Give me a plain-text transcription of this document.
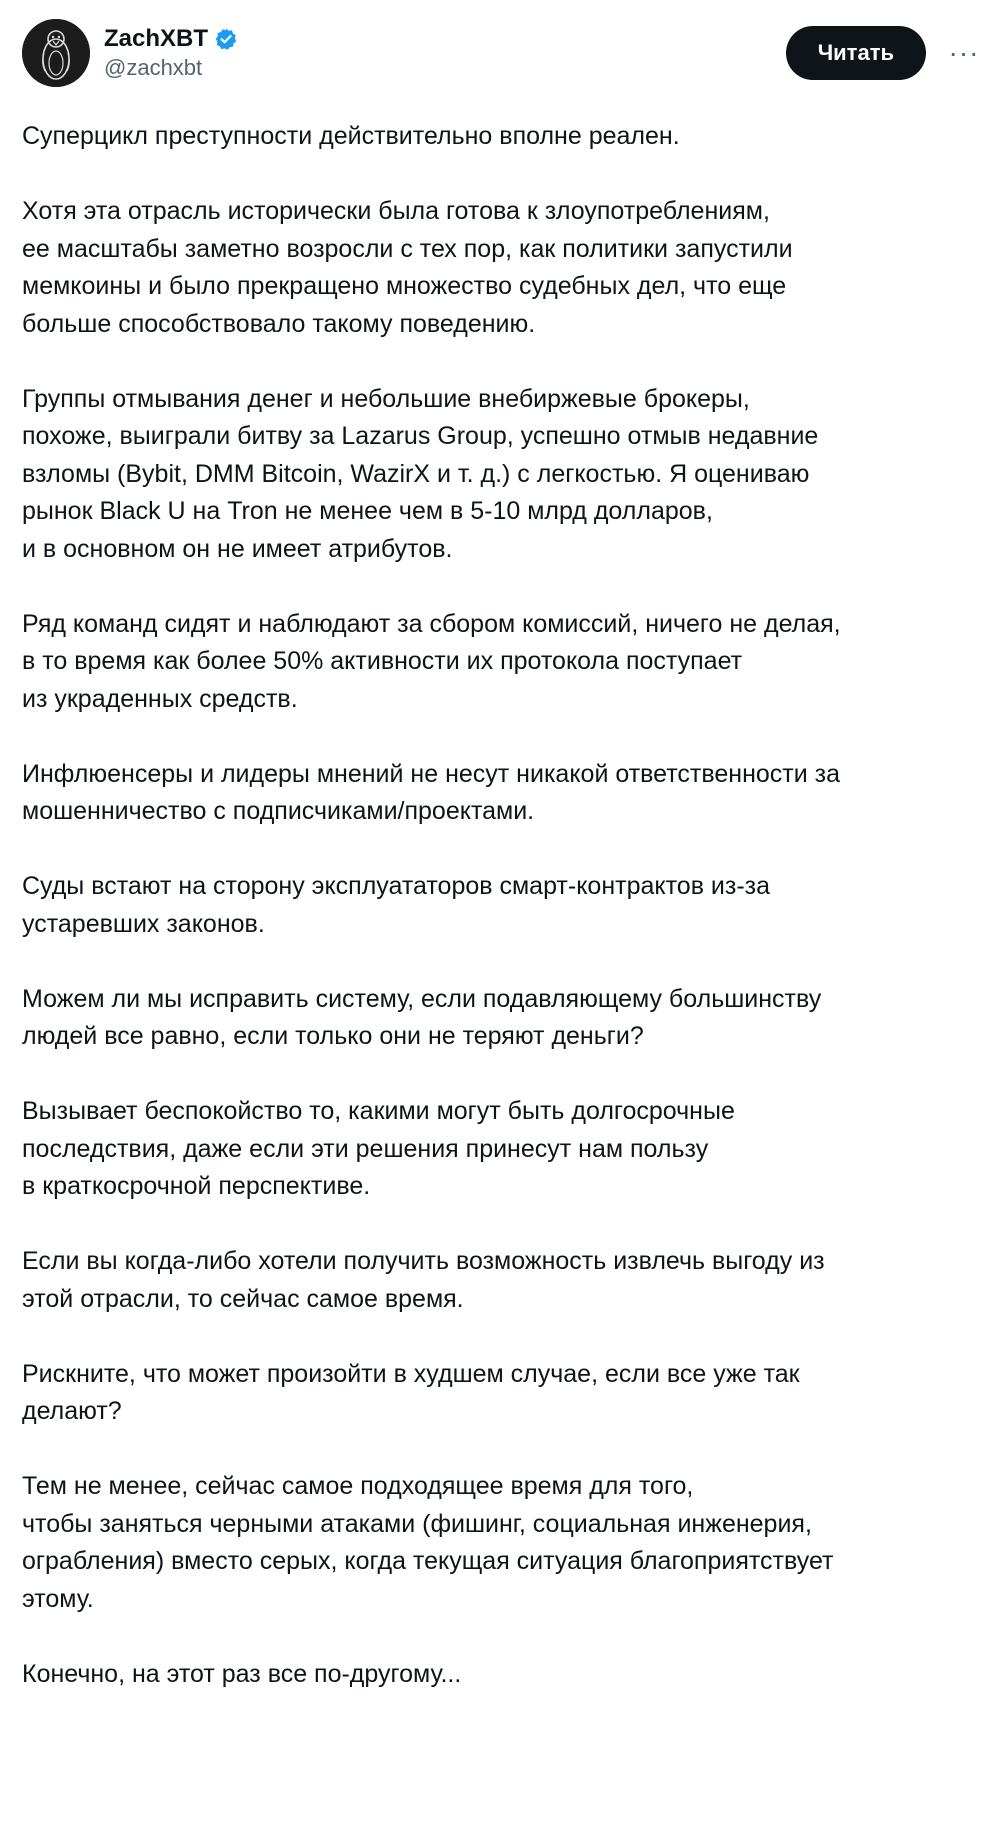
ZachXBT
@zachxbt
Читать	···

Суперцикл преступности действительно вполне реален.

Хотя эта отрасль исторически была готова к злоупотреблениям,
ее масштабы заметно возросли с тех пор, как политики запустили
мемкоины и было прекращено множество судебных дел, что еще
больше способствовало такому поведению.

Группы отмывания денег и небольшие внебиржевые брокеры,
похоже, выиграли битву за Lazarus Group, успешно отмыв недавние
взломы (Bybit, DMM Bitcoin, WazirX и т. д.) с легкостью. Я оцениваю
рынок Black U на Tron не менее чем в 5-10 млрд долларов,
и в основном он не имеет атрибутов.

Ряд команд сидят и наблюдают за сбором комиссий, ничего не делая,
в то время как более 50% активности их протокола поступает
из украденных средств.

Инфлюенсеры и лидеры мнений не несут никакой ответственности за
мошенничество с подписчиками/проектами.

Суды встают на сторону эксплуататоров смарт-контрактов из-за
устаревших законов.

Можем ли мы исправить систему, если подавляющему большинству
людей все равно, если только они не теряют деньги?

Вызывает беспокойство то, какими могут быть долгосрочные
последствия, даже если эти решения принесут нам пользу
в краткосрочной перспективе.

Если вы когда-либо хотели получить возможность извлечь выгоду из
этой отрасли, то сейчас самое время.

Рискните, что может произойти в худшем случае, если все уже так
делают?

Тем не менее, сейчас самое подходящее время для того,
чтобы заняться черными атаками (фишинг, социальная инженерия,
ограбления) вместо серых, когда текущая ситуация благоприятствует
этому.

Конечно, на этот раз все по-другому...
